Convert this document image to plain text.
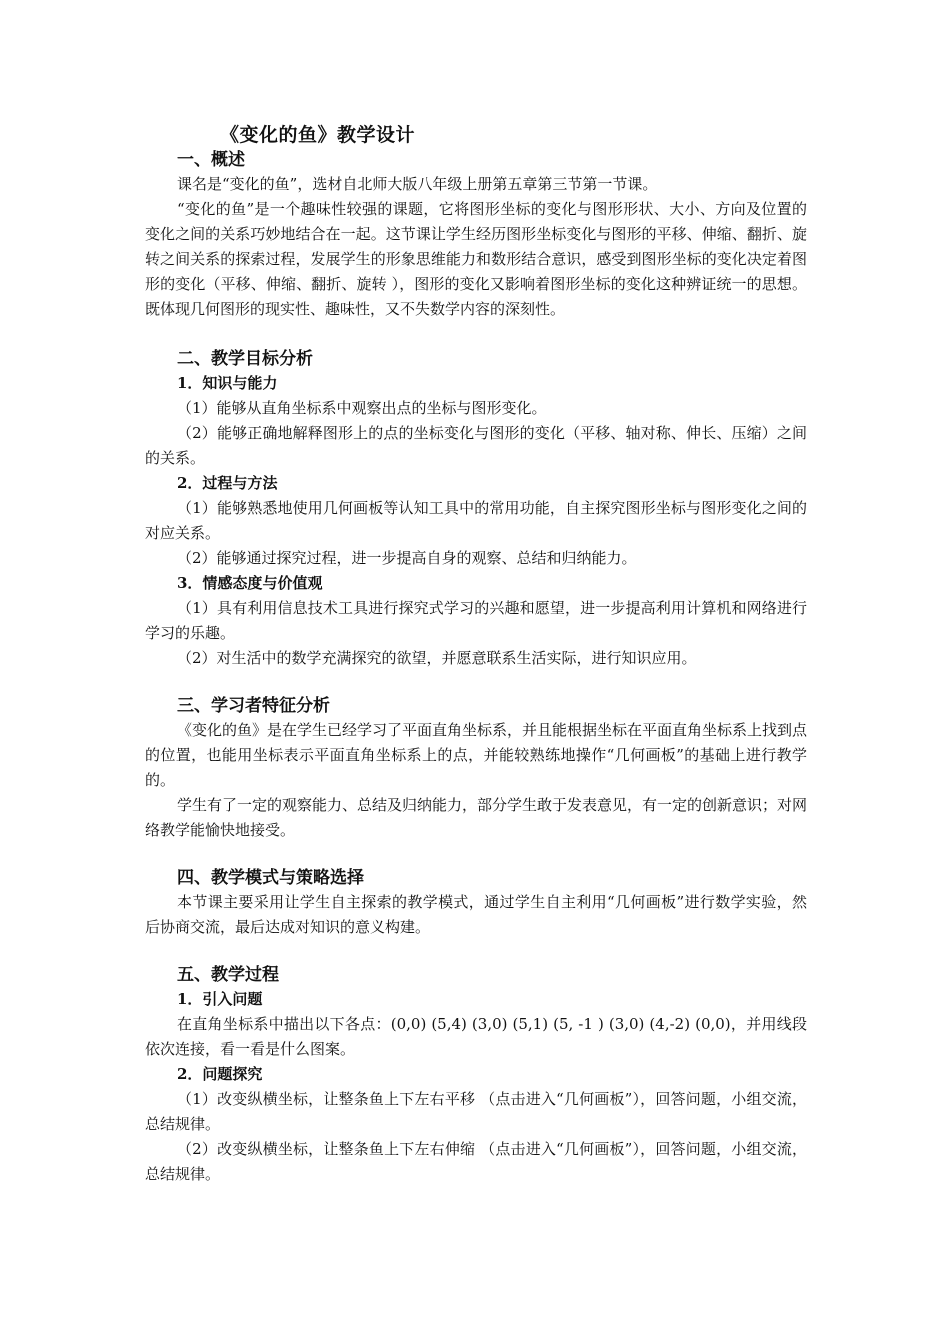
《变化的鱼》教学设计
一、概述

课名是“变化的鱼”，选材自北师大版八年级上册第五章第三节第一节课。

“变化的鱼”是一个趣味性较强的课题，它将图形坐标的变化与图形形状、大小、方向及位置的变化之间的关系巧妙地结合在一起。这节课让学生经历图形坐标变化与图形的平移、伸缩、翻折、旋转之间关系的探索过程，发展学生的形象思维能力和数形结合意识，感受到图形坐标的变化决定着图形的变化（平移、伸缩、翻折、旋转 ），图形的变化又影响着图形坐标的变化这种辨证统一的思想。既体现几何图形的现实性、趣味性，又不失数学内容的深刻性。

二、教学目标分析
1．知识与能力

（1）能够从直角坐标系中观察出点的坐标与图形变化。

（2）能够正确地解释图形上的点的坐标变化与图形的变化（平移、轴对称、伸长、压缩）之间的关系。

2．过程与方法

（1）能够熟悉地使用几何画板等认知工具中的常用功能，自主探究图形坐标与图形变化之间的对应关系。

（2）能够通过探究过程，进一步提高自身的观察、总结和归纳能力。

3．情感态度与价值观

（1）具有利用信息技术工具进行探究式学习的兴趣和愿望，进一步提高利用计算机和网络进行学习的乐趣。

（2）对生活中的数学充满探究的欲望，并愿意联系生活实际，进行知识应用。

三、学习者特征分析

《变化的鱼》是在学生已经学习了平面直角坐标系，并且能根据坐标在平面直角坐标系上找到点的位置，也能用坐标表示平面直角坐标系上的点，并能较熟练地操作“几何画板”的基础上进行教学的。

学生有了一定的观察能力、总结及归纳能力，部分学生敢于发表意见，有一定的创新意识；对网络教学能愉快地接受。

四、教学模式与策略选择

本节课主要采用让学生自主探索的教学模式，通过学生自主利用“几何画板”进行数学实验，然后协商交流，最后达成对知识的意义构建。

五、教学过程
1．引入问题

在直角坐标系中描出以下各点：(0,0) (5,4) (3,0) (5,1) (5, -1 ) (3,0) (4,-2) (0,0)，并用线段依次连接，看一看是什么图案。

2．问题探究

（1）改变纵横坐标，让整条鱼上下左右平移 （点击进入“几何画板”），回答问题，小组交流，总结规律。

（2）改变纵横坐标，让整条鱼上下左右伸缩 （点击进入“几何画板”），回答问题，小组交流，总结规律。
